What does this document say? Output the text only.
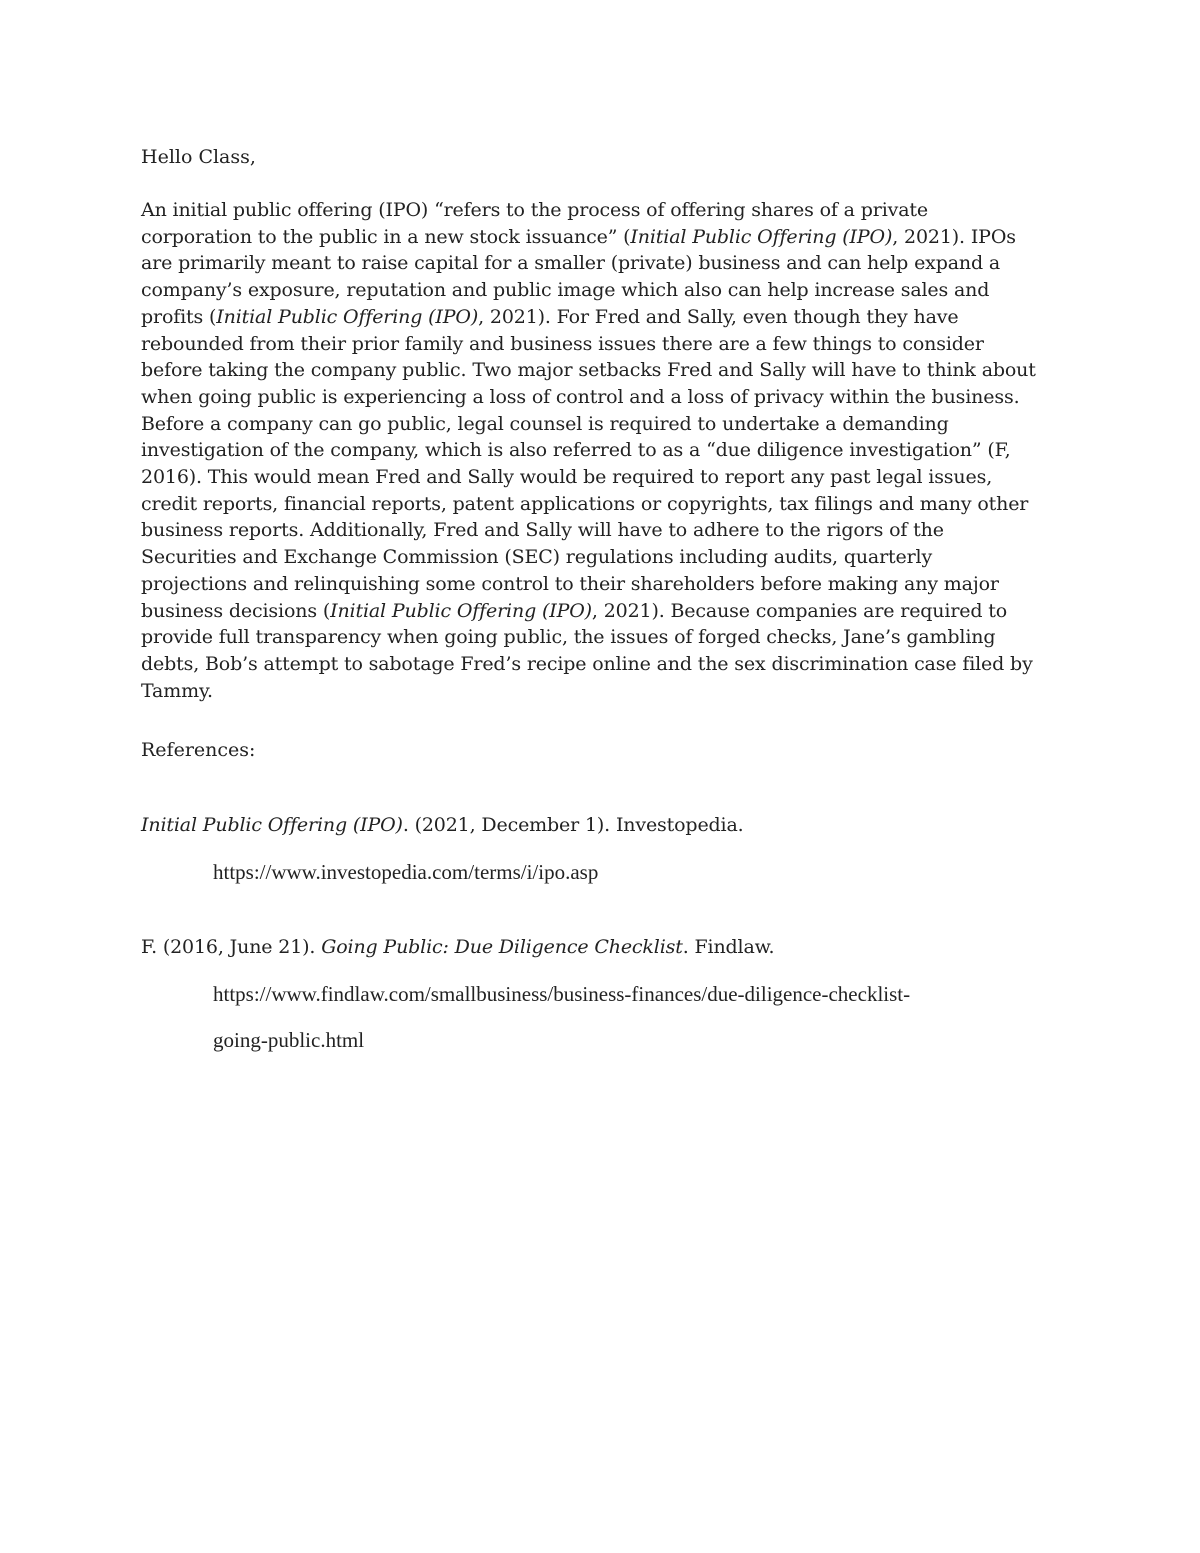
Hello Class,
An initial public offering (IPO) “refers to the process of offering shares of a private
corporation to the public in a new stock issuance” (Initial Public Offering (IPO), 2021). IPOs
are primarily meant to raise capital for a smaller (private) business and can help expand a
company’s exposure, reputation and public image which also can help increase sales and
profits (Initial Public Offering (IPO), 2021). For Fred and Sally, even though they have
rebounded from their prior family and business issues there are a few things to consider
before taking the company public. Two major setbacks Fred and Sally will have to think about
when going public is experiencing a loss of control and a loss of privacy within the business.
Before a company can go public, legal counsel is required to undertake a demanding
investigation of the company, which is also referred to as a “due diligence investigation” (F,
2016). This would mean Fred and Sally would be required to report any past legal issues,
credit reports, financial reports, patent applications or copyrights, tax filings and many other
business reports. Additionally, Fred and Sally will have to adhere to the rigors of the
Securities and Exchange Commission (SEC) regulations including audits, quarterly
projections and relinquishing some control to their shareholders before making any major
business decisions (Initial Public Offering (IPO), 2021). Because companies are required to
provide full transparency when going public, the issues of forged checks, Jane’s gambling
debts, Bob’s attempt to sabotage Fred’s recipe online and the sex discrimination case filed by
Tammy.
References:
Initial Public Offering (IPO). (2021, December 1). Investopedia.
https://www.investopedia.com/terms/i/ipo.asp
F. (2016, June 21). Going Public: Due Diligence Checklist. Findlaw.
https://www.findlaw.com/smallbusiness/business-finances/due-diligence-checklist-
going-public.html
